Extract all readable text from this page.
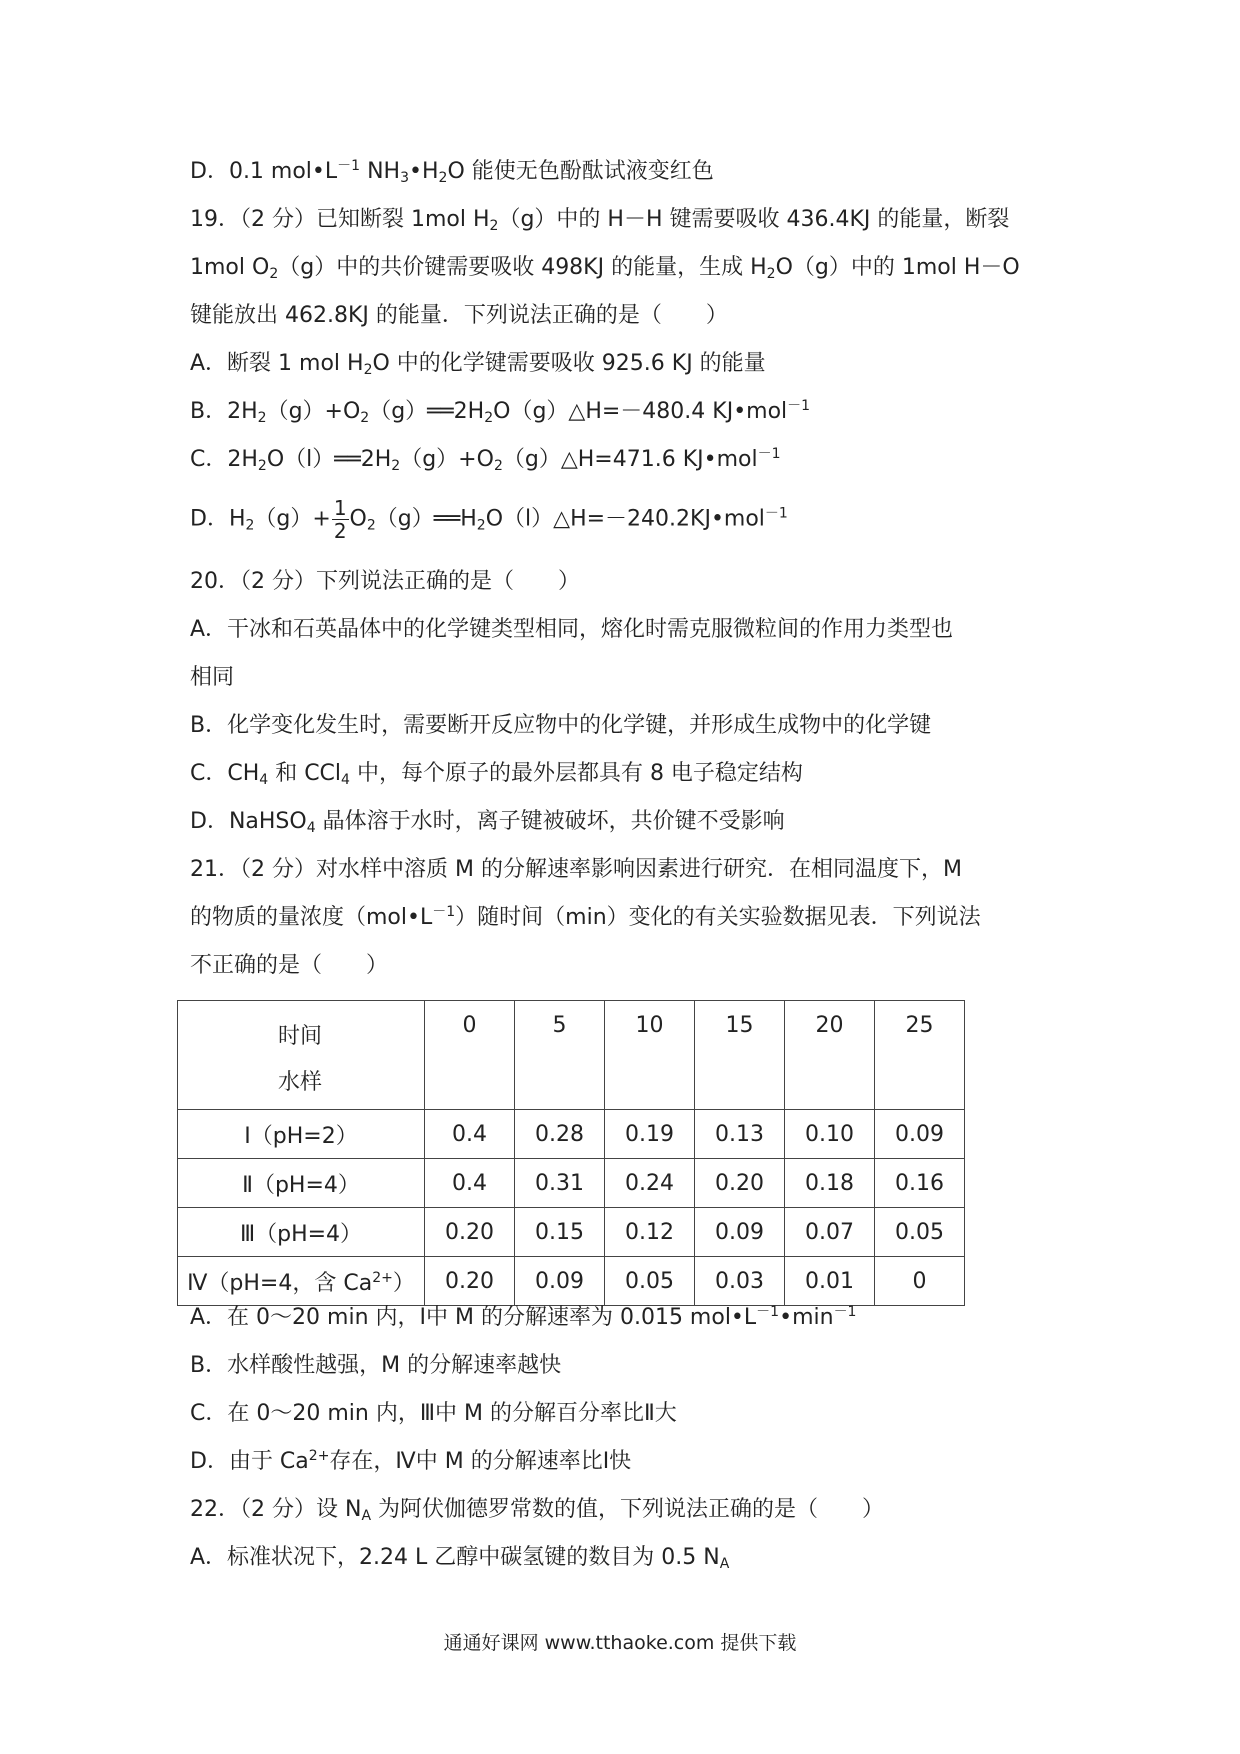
D．0.1 $mol•L^{-1}$ $NH_3•H_2O$ 能使无色酚酞试液变红色
19．（2 分）已知断裂 1mol $H_2(g)$中的 H－H 键需要吸收 436.4KJ 的能量，断裂
1mol $O_2(g)$中的共价键需要吸收 498KJ 的能量，生成 $H_2O(g)$中的 1mol H－O
键能放出 462.8KJ 的能量．下列说法正确的是（　　）
A．断裂 1 mol $H_2O$ 中的化学键需要吸收 925.6 KJ 的能量
B．$2H_2(g)+O_2(g)══2H_2O(g)\triangle H=-480.4$ KJ•mol$^{-1}$
C．$2H_2O(l)══2H_2(g)+O_2(g)\triangle H=471.6$ KJ•mol$^{-1}$
D．$H_2(g)+ \frac{1}{2}$ $O_2(g)══H_2O(l)\triangle H=-240.2KJ•mol^{-1}$
20．（2 分）下列说法正确的是（　　）
A．干冰和石英晶体中的化学键类型相同，熔化时需克服微粒间的作用力类型也
相同
B．化学变化发生时，需要断开反应物中的化学键，并形成生成物中的化学键
C．$CH_4$ 和 CCl$_4$ 中，每个原子的最外层都具有 8 电子稳定结构
D．NaHSO$_4$ 晶体溶于水时，离子键被破坏，共价键不受影响
21．（2 分）对水样中溶质 M 的分解速率影响因素进行研究．在相同温度下，M
的物质的量浓度$(mol•L^{-1})$随时间（min）变化的有关实验数据见表．下列说法
不正确的是（　　）
时间
水样	0	5	10	15	20	25
Ⅰ（pH=2）	0.4	0.28	0.19	0.13	0.10	0.09
Ⅱ（pH=4）	0.4	0.31	0.24	0.20	0.18	0.16
Ⅲ（pH=4）	0.20	0.15	0.12	0.09	0.07	0.05
Ⅳ（pH=4，含 $Ca^{2+}$）	0.20	0.09	0.05	0.03	0.01	0
A．在 0～20 min 内，Ⅰ中 M 的分解速率为 0.015 $mol•L^{-1}•\min^{-1}$
B．水样酸性越强，M 的分解速率越快
C．在 0～20 min 内，Ⅲ中 M 的分解百分率比Ⅱ大
D．由于 $Ca^{2+}$存在，Ⅳ中 M 的分解速率比Ⅰ快
22．（2 分）设 $N_A$ 为阿伏伽德罗常数的值，下列说法正确的是（　　）
A．标准状况下，2.24 L 乙醇中碳氢键的数目为 0.5 $N_A$
通通好课网 www.tthaoke.com 提供下载
